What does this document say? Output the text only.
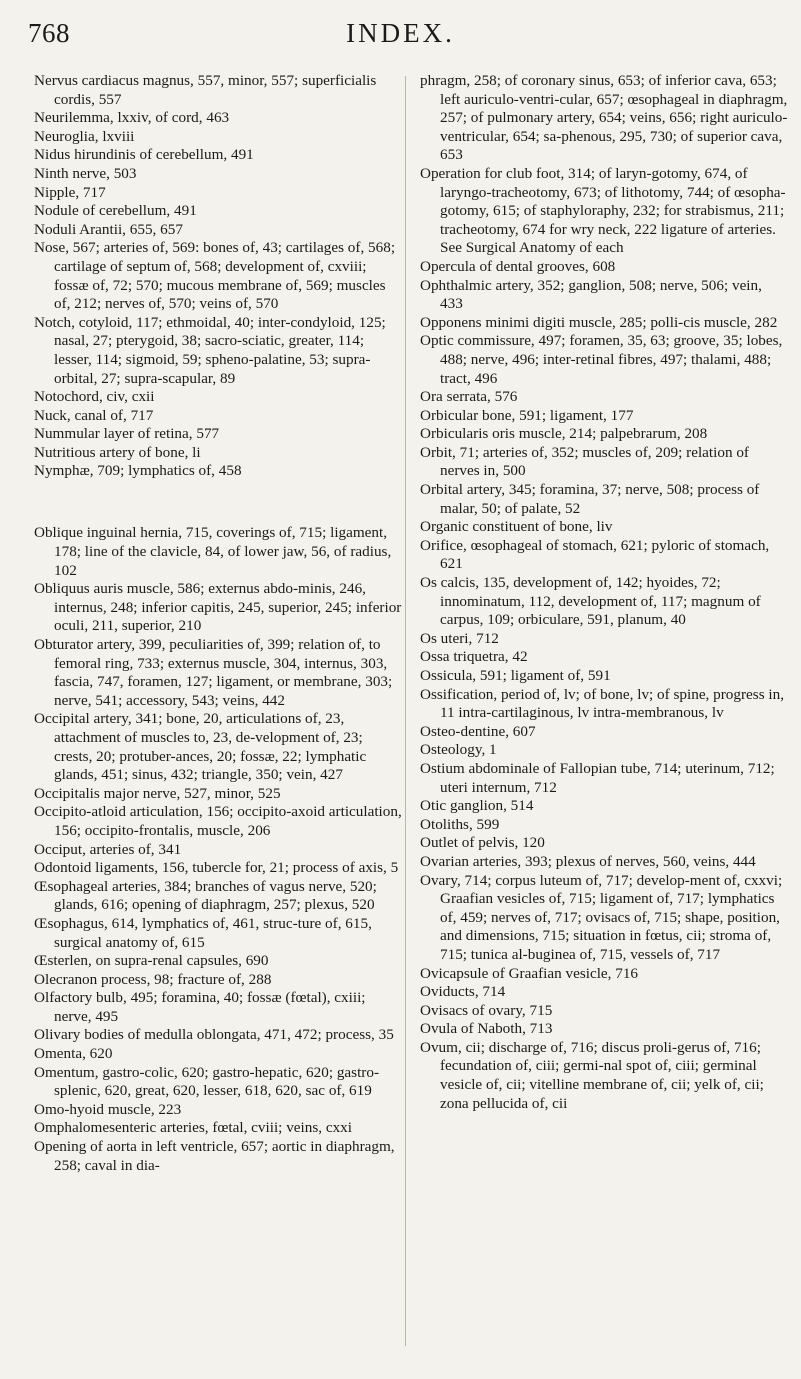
768	INDEX.

Nervus cardiacus magnus, 557, minor, 557; superficialis cordis, 557

Neurilemma, lxxiv, of cord, 463

Neuroglia, lxviii

Nidus hirundinis of cerebellum, 491

Ninth nerve, 503

Nipple, 717

Nodule of cerebellum, 491

Noduli Arantii, 655, 657

Nose, 567; arteries of, 569: bones of, 43; cartilages of, 568; cartilage of septum of, 568; development of, cxviii; fossæ of, 72; 570; mucous membrane of, 569; muscles of, 212; nerves of, 570; veins of, 570

Notch, cotyloid, 117; ethmoidal, 40; inter-condyloid, 125; nasal, 27; pterygoid, 38; sacro-sciatic, greater, 114; lesser, 114; sigmoid, 59; spheno-palatine, 53; supra-orbital, 27; supra-scapular, 89

Notochord, civ, cxii

Nuck, canal of, 717

Nummular layer of retina, 577

Nutritious artery of bone, li

Nymphæ, 709; lymphatics of, 458

Oblique inguinal hernia, 715, coverings of, 715; ligament, 178; line of the clavicle, 84, of lower jaw, 56, of radius, 102

Obliquus auris muscle, 586; externus abdo-minis, 246, internus, 248; inferior capitis, 245, superior, 245; inferior oculi, 211, superior, 210

Obturator artery, 399, peculiarities of, 399; relation of, to femoral ring, 733; externus muscle, 304, internus, 303, fascia, 747, foramen, 127; ligament, or membrane, 303; nerve, 541; accessory, 543; veins, 442

Occipital artery, 341; bone, 20, articulations of, 23, attachment of muscles to, 23, de-velopment of, 23; crests, 20; protuber-ances, 20; fossæ, 22; lymphatic glands, 451; sinus, 432; triangle, 350; vein, 427

Occipitalis major nerve, 527, minor, 525

Occipito-atloid articulation, 156; occipito-axoid articulation, 156; occipito-frontalis, muscle, 206

Occiput, arteries of, 341

Odontoid ligaments, 156, tubercle for, 21; process of axis, 5

Œsophageal arteries, 384; branches of vagus nerve, 520; glands, 616; opening of diaphragm, 257; plexus, 520

Œsophagus, 614, lymphatics of, 461, struc-ture of, 615, surgical anatomy of, 615

Œsterlen, on supra-renal capsules, 690

Olecranon process, 98; fracture of, 288

Olfactory bulb, 495; foramina, 40; fossæ (fœtal), cxiii; nerve, 495

Olivary bodies of medulla oblongata, 471, 472; process, 35

Omenta, 620

Omentum, gastro-colic, 620; gastro-hepatic, 620; gastro-splenic, 620, great, 620, lesser, 618, 620, sac of, 619

Omo-hyoid muscle, 223

Omphalomesenteric arteries, fœtal, cviii; veins, cxxi

Opening of aorta in left ventricle, 657; aortic in diaphragm, 258; caval in dia-

phragm, 258; of coronary sinus, 653; of inferior cava, 653; left auriculo-ventri-cular, 657; œsophageal in diaphragm, 257; of pulmonary artery, 654; veins, 656; right auriculo-ventricular, 654; sa-phenous, 295, 730; of superior cava, 653

Operation for club foot, 314; of laryn-gotomy, 674, of laryngo-tracheotomy, 673; of lithotomy, 744; of œsopha-gotomy, 615; of staphyloraphy, 232; for strabismus, 211; tracheotomy, 674 for wry neck, 222 ligature of arteries. See Surgical Anatomy of each

Opercula of dental grooves, 608

Ophthalmic artery, 352; ganglion, 508; nerve, 506; vein, 433

Opponens minimi digiti muscle, 285; polli-cis muscle, 282

Optic commissure, 497; foramen, 35, 63; groove, 35; lobes, 488; nerve, 496; inter-retinal fibres, 497; thalami, 488; tract, 496

Ora serrata, 576

Orbicular bone, 591; ligament, 177

Orbicularis oris muscle, 214; palpebrarum, 208

Orbit, 71; arteries of, 352; muscles of, 209; relation of nerves in, 500

Orbital artery, 345; foramina, 37; nerve, 508; process of malar, 50; of palate, 52

Organic constituent of bone, liv

Orifice, œsophageal of stomach, 621; pyloric of stomach, 621

Os calcis, 135, development of, 142; hyoides, 72; innominatum, 112, development of, 117; magnum of carpus, 109; orbiculare, 591, planum, 40

Os uteri, 712

Ossa triquetra, 42

Ossicula, 591; ligament of, 591

Ossification, period of, lv; of bone, lv; of spine, progress in, 11 intra-cartilaginous, lv intra-membranous, lv

Osteo-dentine, 607

Osteology, 1

Ostium abdominale of Fallopian tube, 714; uterinum, 712; uteri internum, 712

Otic ganglion, 514

Otoliths, 599

Outlet of pelvis, 120

Ovarian arteries, 393; plexus of nerves, 560, veins, 444

Ovary, 714; corpus luteum of, 717; develop-ment of, cxxvi; Graafian vesicles of, 715; ligament of, 717; lymphatics of, 459; nerves of, 717; ovisacs of, 715; shape, position, and dimensions, 715; situation in fœtus, cii; stroma of, 715; tunica al-buginea of, 715, vessels of, 717

Ovicapsule of Graafian vesicle, 716

Oviducts, 714

Ovisacs of ovary, 715

Ovula of Naboth, 713

Ovum, cii; discharge of, 716; discus proli-gerus of, 716; fecundation of, ciii; germi-nal spot of, ciii; germinal vesicle of, cii; vitelline membrane of, cii; yelk of, cii; zona pellucida of, cii
